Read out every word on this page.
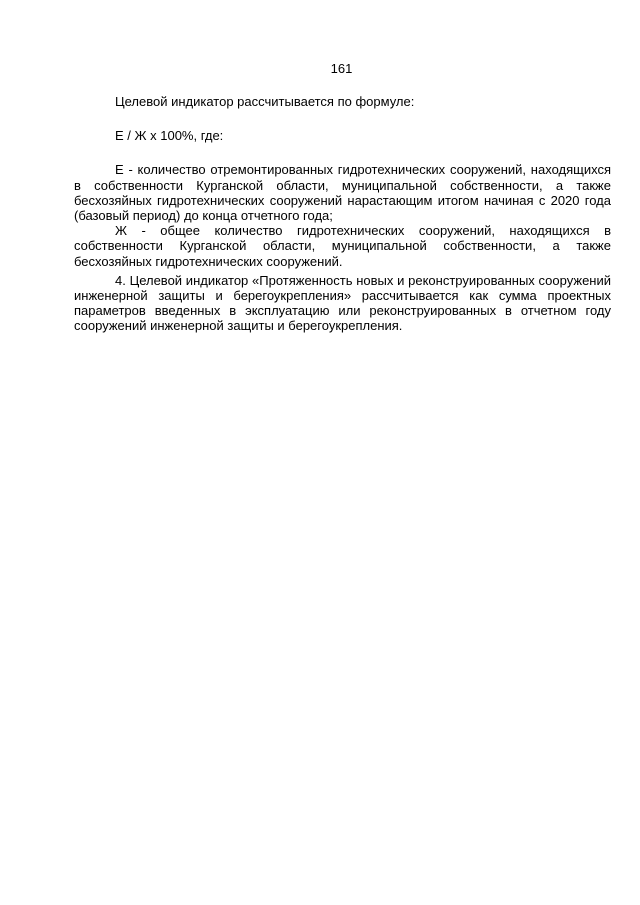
161

Целевой индикатор рассчитывается по формуле:

Е / Ж х 100%, где:

Е - количество отремонтированных гидротехнических сооружений, находящихся в собственности Курганской области, муниципальной собственности, а также бесхозяйных гидротехнических сооружений нарастающим итогом начиная с 2020 года (базовый период) до конца отчетного года;

Ж - общее количество гидротехнических сооружений, находящихся в собственности Курганской области, муниципальной собственности, а также бесхозяйных гидротехнических сооружений.

4. Целевой индикатор «Протяженность новых и реконструированных сооружений инженерной защиты и берегоукрепления» рассчитывается как сумма проектных параметров введенных в эксплуатацию или реконструированных в отчетном году сооружений инженерной защиты и берегоукрепления.
